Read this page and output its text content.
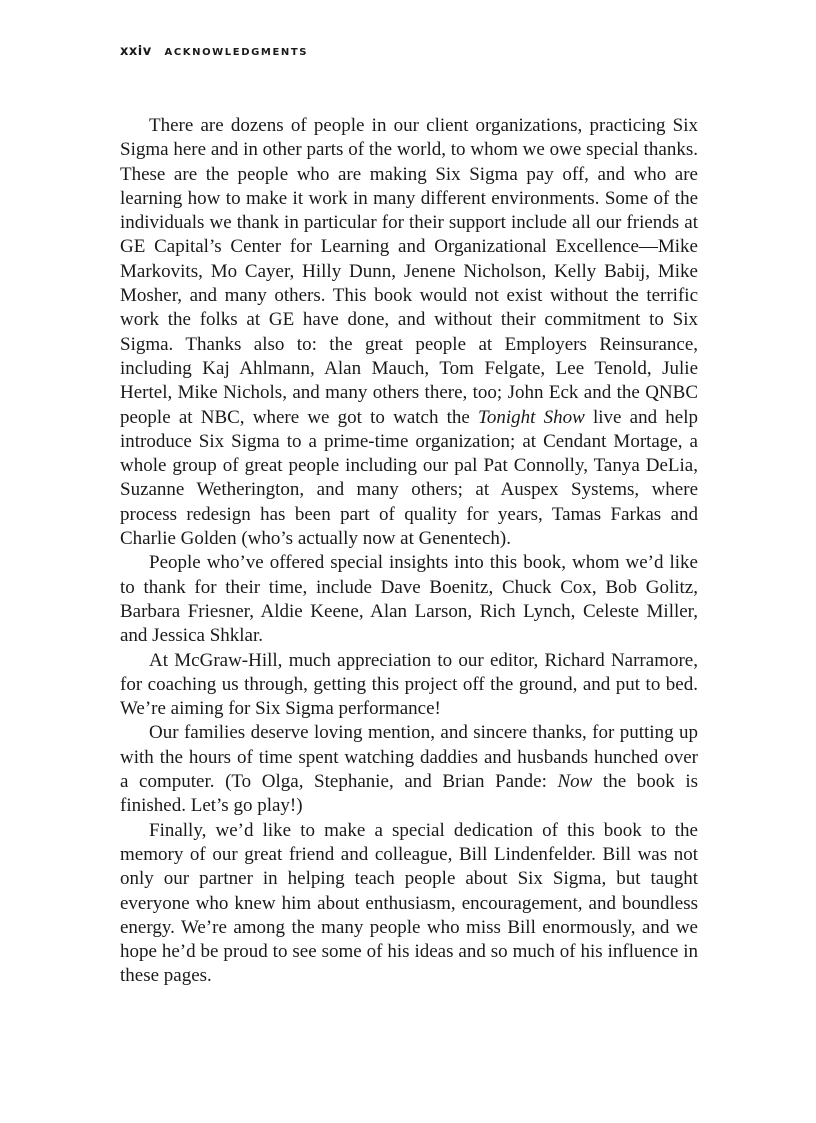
xxiv ACKNOWLEDGMENTS

There are dozens of people in our client organizations, practicing Six Sigma here and in other parts of the world, to whom we owe special thanks. These are the people who are making Six Sigma pay off, and who are learning how to make it work in many different environments. Some of the individuals we thank in particular for their support include all our friends at GE Capital’s Center for Learning and Organizational Excellence—Mike Markovits, Mo Cayer, Hilly Dunn, Jenene Nicholson, Kelly Babij, Mike Mosher, and many others. This book would not exist without the terrific work the folks at GE have done, and without their commitment to Six Sigma. Thanks also to: the great people at Employers Reinsurance, including Kaj Ahlmann, Alan Mauch, Tom Felgate, Lee Tenold, Julie Hertel, Mike Nichols, and many others there, too; John Eck and the QNBC people at NBC, where we got to watch the Tonight Show live and help introduce Six Sigma to a prime-time organization; at Cendant Mortage, a whole group of great people including our pal Pat Connolly, Tanya DeLia, Suzanne Wetherington, and many others; at Auspex Systems, where process redesign has been part of quality for years, Tamas Farkas and Charlie Golden (who’s actually now at Genentech).

People who’ve offered special insights into this book, whom we’d like to thank for their time, include Dave Boenitz, Chuck Cox, Bob Golitz, Barbara Friesner, Aldie Keene, Alan Larson, Rich Lynch, Celeste Miller, and Jessica Shklar.

At McGraw-Hill, much appreciation to our editor, Richard Narramore, for coaching us through, getting this project off the ground, and put to bed. We’re aiming for Six Sigma performance!

Our families deserve loving mention, and sincere thanks, for putting up with the hours of time spent watching daddies and husbands hunched over a computer. (To Olga, Stephanie, and Brian Pande: Now the book is finished. Let’s go play!)

Finally, we’d like to make a special dedication of this book to the memory of our great friend and colleague, Bill Lindenfelder. Bill was not only our partner in helping teach people about Six Sigma, but taught everyone who knew him about enthusiasm, encouragement, and boundless energy. We’re among the many people who miss Bill enormously, and we hope he’d be proud to see some of his ideas and so much of his influence in these pages.
